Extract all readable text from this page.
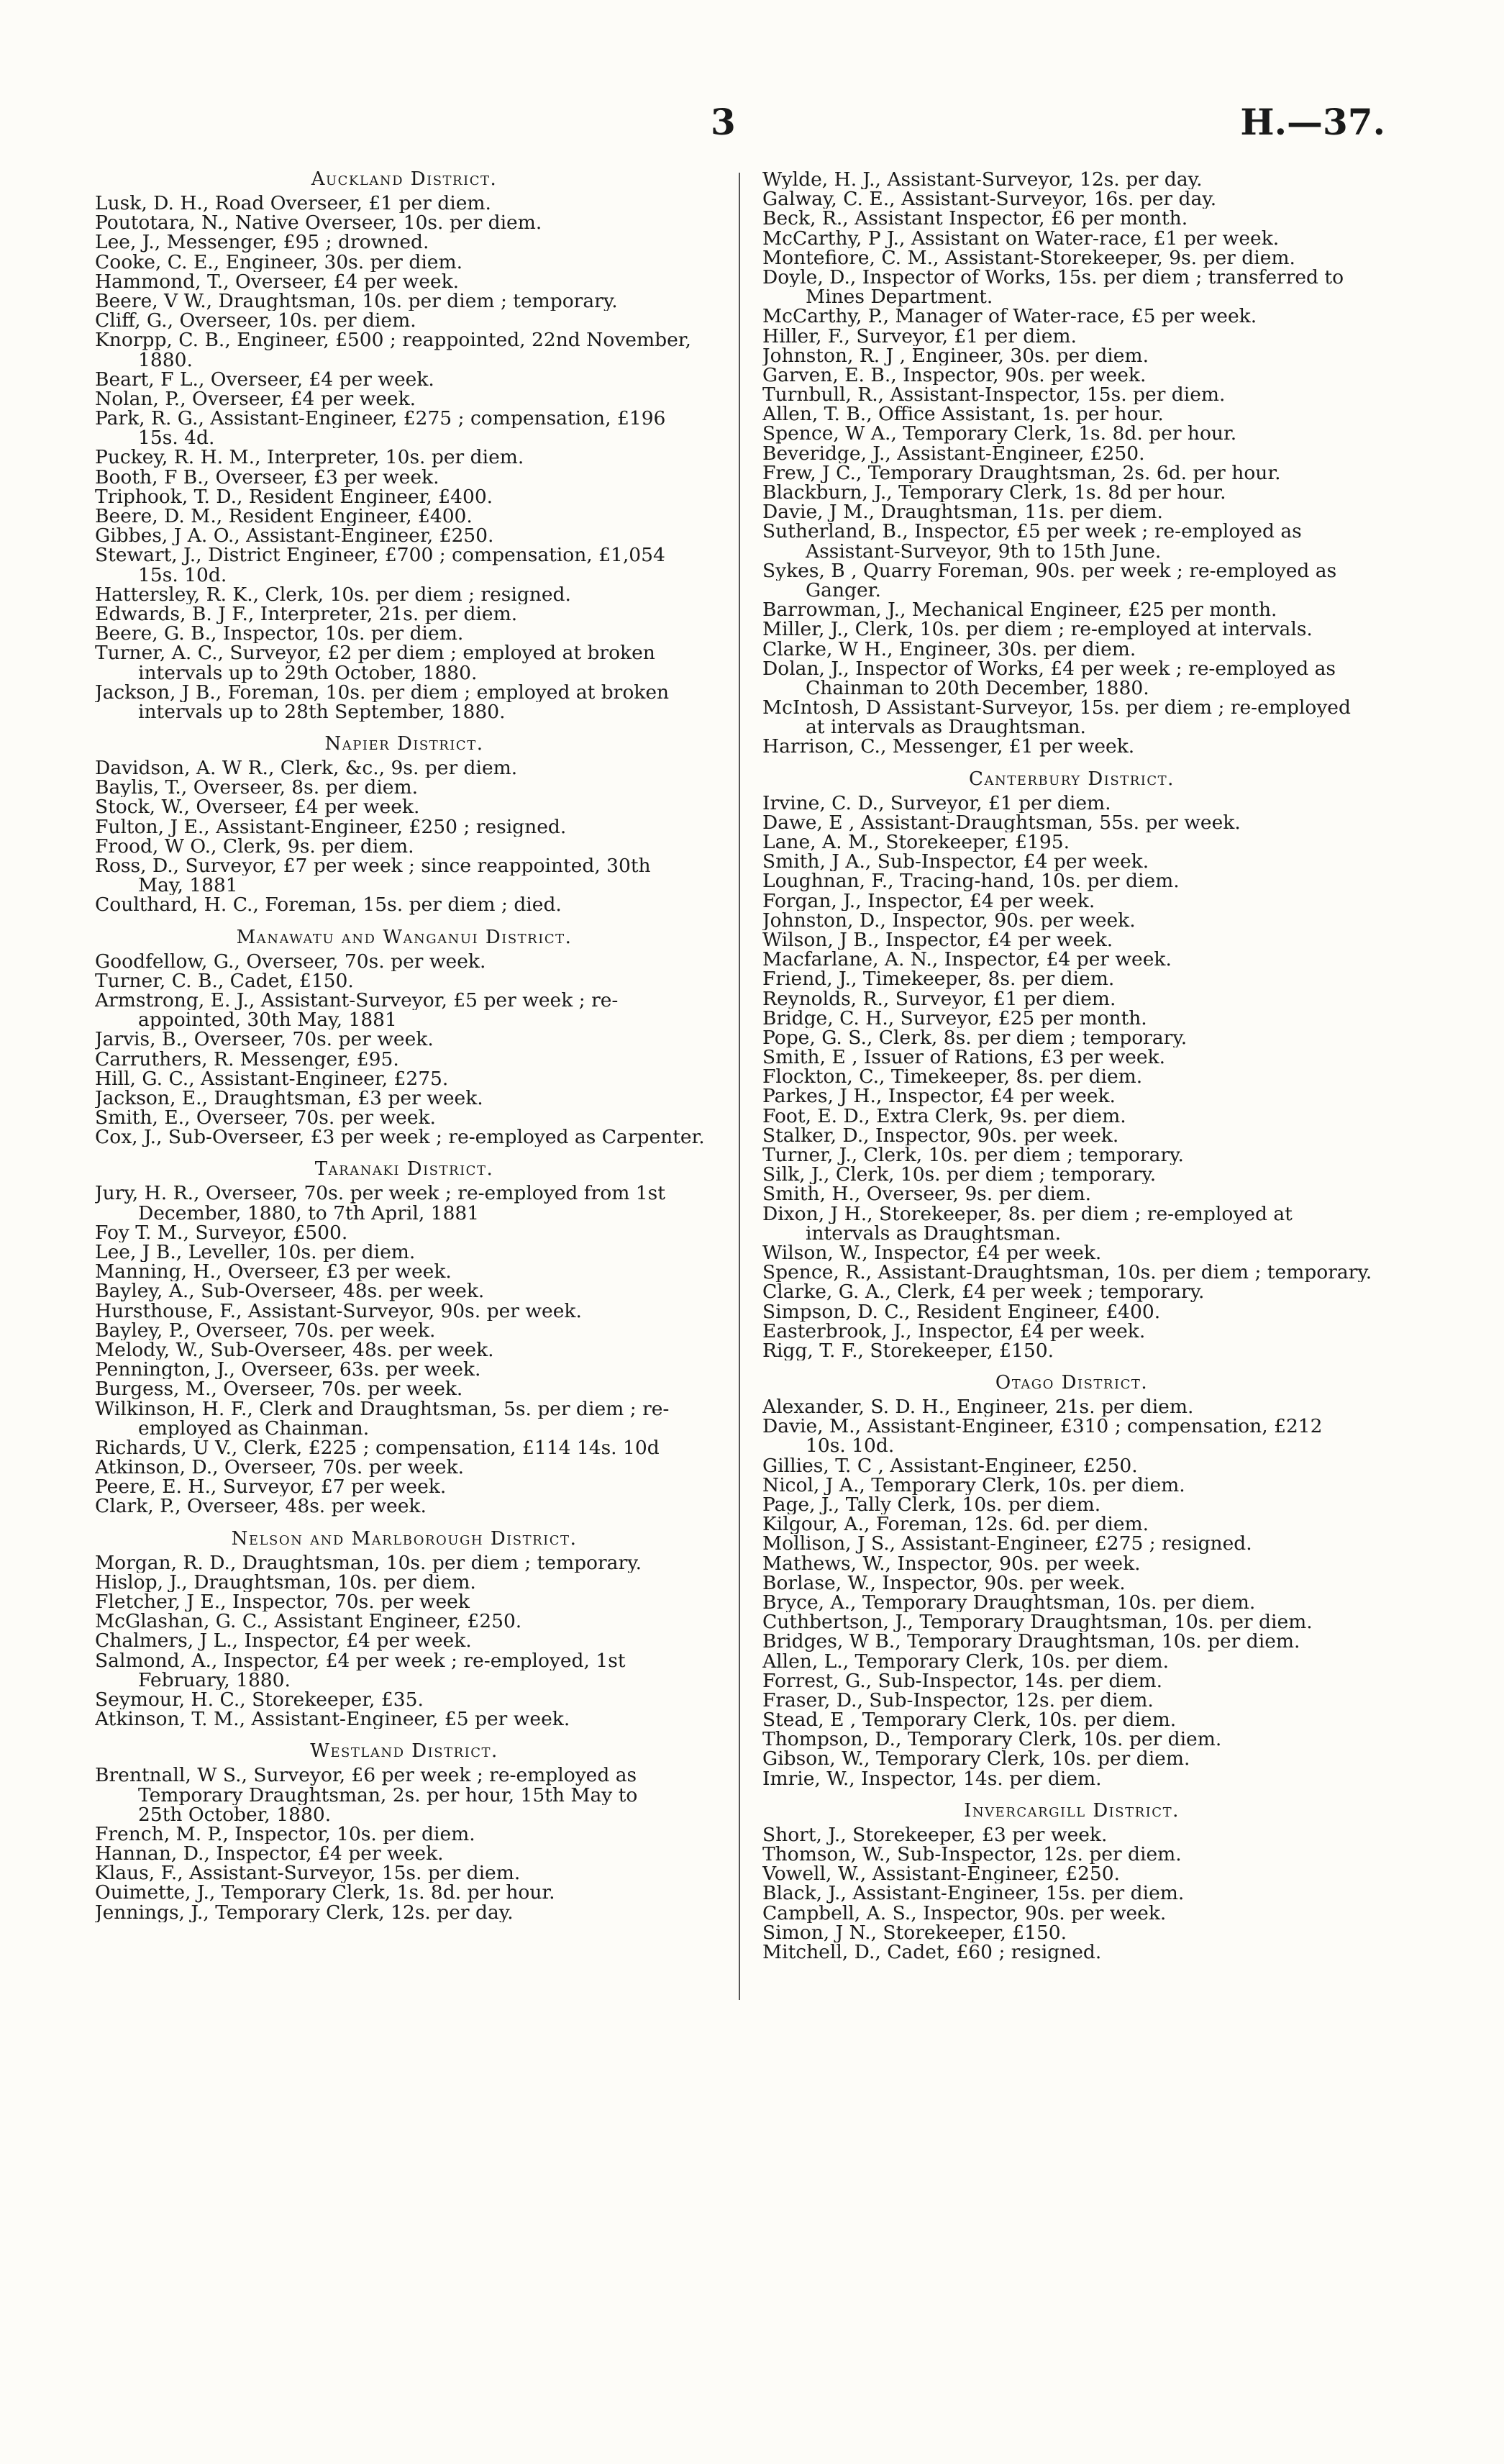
3	H.—37.
Auckland District.
Lusk, D. H., Road Overseer, £1 per diem.
Poutotara, N., Native Overseer, 10s. per diem.
Lee, J., Messenger, £95 ; drowned.
Cooke, C. E., Engineer, 30s. per diem.
Hammond, T., Overseer, £4 per week.
Beere, V W., Draughtsman, 10s. per diem ; temporary.
Cliff, G., Overseer, 10s. per diem.
Knorpp, C. B., Engineer, £500 ; reappointed, 22nd November,
1880.
Beart, F L., Overseer, £4 per week.
Nolan, P., Overseer, £4 per week.
Park, R. G., Assistant-Engineer, £275 ; compensation, £196
15s. 4d.
Puckey, R. H. M., Interpreter, 10s. per diem.
Booth, F B., Overseer, £3 per week.
Triphook, T. D., Resident Engineer, £400.
Beere, D. M., Resident Engineer, £400.
Gibbes, J A. O., Assistant-Engineer, £250.
Stewart, J., District Engineer, £700 ; compensation, £1,054
15s. 10d.
Hattersley, R. K., Clerk, 10s. per diem ; resigned.
Edwards, B. J F., Interpreter, 21s. per diem.
Beere, G. B., Inspector, 10s. per diem.
Turner, A. C., Surveyor, £2 per diem ; employed at broken
intervals up to 29th October, 1880.
Jackson, J B., Foreman, 10s. per diem ; employed at broken
intervals up to 28th September, 1880.
Napier District.
Davidson, A. W R., Clerk, &c., 9s. per diem.
Baylis, T., Overseer, 8s. per diem.
Stock, W., Overseer, £4 per week.
Fulton, J E., Assistant-Engineer, £250 ; resigned.
Frood, W O., Clerk, 9s. per diem.
Ross, D., Surveyor, £7 per week ; since reappointed, 30th
May, 1881
Coulthard, H. C., Foreman, 15s. per diem ; died.
Manawatu and Wanganui District.
Goodfellow, G., Overseer, 70s. per week.
Turner, C. B., Cadet, £150.
Armstrong, E. J., Assistant-Surveyor, £5 per week ; re-
appointed, 30th May, 1881
Jarvis, B., Overseer, 70s. per week.
Carruthers, R. Messenger, £95.
Hill, G. C., Assistant-Engineer, £275.
Jackson, E., Draughtsman, £3 per week.
Smith, E., Overseer, 70s. per week.
Cox, J., Sub-Overseer, £3 per week ; re-employed as Carpenter.
Taranaki District.
Jury, H. R., Overseer, 70s. per week ; re-employed from 1st
December, 1880, to 7th April, 1881
Foy T. M., Surveyor, £500.
Lee, J B., Leveller, 10s. per diem.
Manning, H., Overseer, £3 per week.
Bayley, A., Sub-Overseer, 48s. per week.
Hursthouse, F., Assistant-Surveyor, 90s. per week.
Bayley, P., Overseer, 70s. per week.
Melody, W., Sub-Overseer, 48s. per week.
Pennington, J., Overseer, 63s. per week.
Burgess, M., Overseer, 70s. per week.
Wilkinson, H. F., Clerk and Draughtsman, 5s. per diem ; re-
employed as Chainman.
Richards, U V., Clerk, £225 ; compensation, £114 14s. 10d
Atkinson, D., Overseer, 70s. per week.
Peere, E. H., Surveyor, £7 per week.
Clark, P., Overseer, 48s. per week.
Nelson and Marlborough District.
Morgan, R. D., Draughtsman, 10s. per diem ; temporary.
Hislop, J., Draughtsman, 10s. per diem.
Fletcher, J E., Inspector, 70s. per week
McGlashan, G. C., Assistant Engineer, £250.
Chalmers, J L., Inspector, £4 per week.
Salmond, A., Inspector, £4 per week ; re-employed, 1st
February, 1880.
Seymour, H. C., Storekeeper, £35.
Atkinson, T. M., Assistant-Engineer, £5 per week.
Westland District.
Brentnall, W S., Surveyor, £6 per week ; re-employed as
Temporary Draughtsman, 2s. per hour, 15th May to
25th October, 1880.
French, M. P., Inspector, 10s. per diem.
Hannan, D., Inspector, £4 per week.
Klaus, F., Assistant-Surveyor, 15s. per diem.
Ouimette, J., Temporary Clerk, 1s. 8d. per hour.
Jennings, J., Temporary Clerk, 12s. per day.
Wylde, H. J., Assistant-Surveyor, 12s. per day.
Galway, C. E., Assistant-Surveyor, 16s. per day.
Beck, R., Assistant Inspector, £6 per month.
McCarthy, P J., Assistant on Water-race, £1 per week.
Montefiore, C. M., Assistant-Storekeeper, 9s. per diem.
Doyle, D., Inspector of Works, 15s. per diem ; transferred to
Mines Department.
McCarthy, P., Manager of Water-race, £5 per week.
Hiller, F., Surveyor, £1 per diem.
Johnston, R. J , Engineer, 30s. per diem.
Garven, E. B., Inspector, 90s. per week.
Turnbull, R., Assistant-Inspector, 15s. per diem.
Allen, T. B., Office Assistant, 1s. per hour.
Spence, W A., Temporary Clerk, 1s. 8d. per hour.
Beveridge, J., Assistant-Engineer, £250.
Frew, J C., Temporary Draughtsman, 2s. 6d. per hour.
Blackburn, J., Temporary Clerk, 1s. 8d per hour.
Davie, J M., Draughtsman, 11s. per diem.
Sutherland, B., Inspector, £5 per week ; re-employed as
Assistant-Surveyor, 9th to 15th June.
Sykes, B , Quarry Foreman, 90s. per week ; re-employed as
Ganger.
Barrowman, J., Mechanical Engineer, £25 per month.
Miller, J., Clerk, 10s. per diem ; re-employed at intervals.
Clarke, W H., Engineer, 30s. per diem.
Dolan, J., Inspector of Works, £4 per week ; re-employed as
Chainman to 20th December, 1880.
McIntosh, D Assistant-Surveyor, 15s. per diem ; re-employed
at intervals as Draughtsman.
Harrison, C., Messenger, £1 per week.
Canterbury District.
Irvine, C. D., Surveyor, £1 per diem.
Dawe, E , Assistant-Draughtsman, 55s. per week.
Lane, A. M., Storekeeper, £195.
Smith, J A., Sub-Inspector, £4 per week.
Loughnan, F., Tracing-hand, 10s. per diem.
Forgan, J., Inspector, £4 per week.
Johnston, D., Inspector, 90s. per week.
Wilson, J B., Inspector, £4 per week.
Macfarlane, A. N., Inspector, £4 per week.
Friend, J., Timekeeper, 8s. per diem.
Reynolds, R., Surveyor, £1 per diem.
Bridge, C. H., Surveyor, £25 per month.
Pope, G. S., Clerk, 8s. per diem ; temporary.
Smith, E , Issuer of Rations, £3 per week.
Flockton, C., Timekeeper, 8s. per diem.
Parkes, J H., Inspector, £4 per week.
Foot, E. D., Extra Clerk, 9s. per diem.
Stalker, D., Inspector, 90s. per week.
Turner, J., Clerk, 10s. per diem ; temporary.
Silk, J., Clerk, 10s. per diem ; temporary.
Smith, H., Overseer, 9s. per diem.
Dixon, J H., Storekeeper, 8s. per diem ; re-employed at
intervals as Draughtsman.
Wilson, W., Inspector, £4 per week.
Spence, R., Assistant-Draughtsman, 10s. per diem ; temporary.
Clarke, G. A., Clerk, £4 per week ; temporary.
Simpson, D. C., Resident Engineer, £400.
Easterbrook, J., Inspector, £4 per week.
Rigg, T. F., Storekeeper, £150.
Otago District.
Alexander, S. D. H., Engineer, 21s. per diem.
Davie, M., Assistant-Engineer, £310 ; compensation, £212
10s. 10d.
Gillies, T. C , Assistant-Engineer, £250.
Nicol, J A., Temporary Clerk, 10s. per diem.
Page, J., Tally Clerk, 10s. per diem.
Kilgour, A., Foreman, 12s. 6d. per diem.
Mollison, J S., Assistant-Engineer, £275 ; resigned.
Mathews, W., Inspector, 90s. per week.
Borlase, W., Inspector, 90s. per week.
Bryce, A., Temporary Draughtsman, 10s. per diem.
Cuthbertson, J., Temporary Draughtsman, 10s. per diem.
Bridges, W B., Temporary Draughtsman, 10s. per diem.
Allen, L., Temporary Clerk, 10s. per diem.
Forrest, G., Sub-Inspector, 14s. per diem.
Fraser, D., Sub-Inspector, 12s. per diem.
Stead, E , Temporary Clerk, 10s. per diem.
Thompson, D., Temporary Clerk, 10s. per diem.
Gibson, W., Temporary Clerk, 10s. per diem.
Imrie, W., Inspector, 14s. per diem.
Invercargill District.
Short, J., Storekeeper, £3 per week.
Thomson, W., Sub-Inspector, 12s. per diem.
Vowell, W., Assistant-Engineer, £250.
Black, J., Assistant-Engineer, 15s. per diem.
Campbell, A. S., Inspector, 90s. per week.
Simon, J N., Storekeeper, £150.
Mitchell, D., Cadet, £60 ; resigned.
